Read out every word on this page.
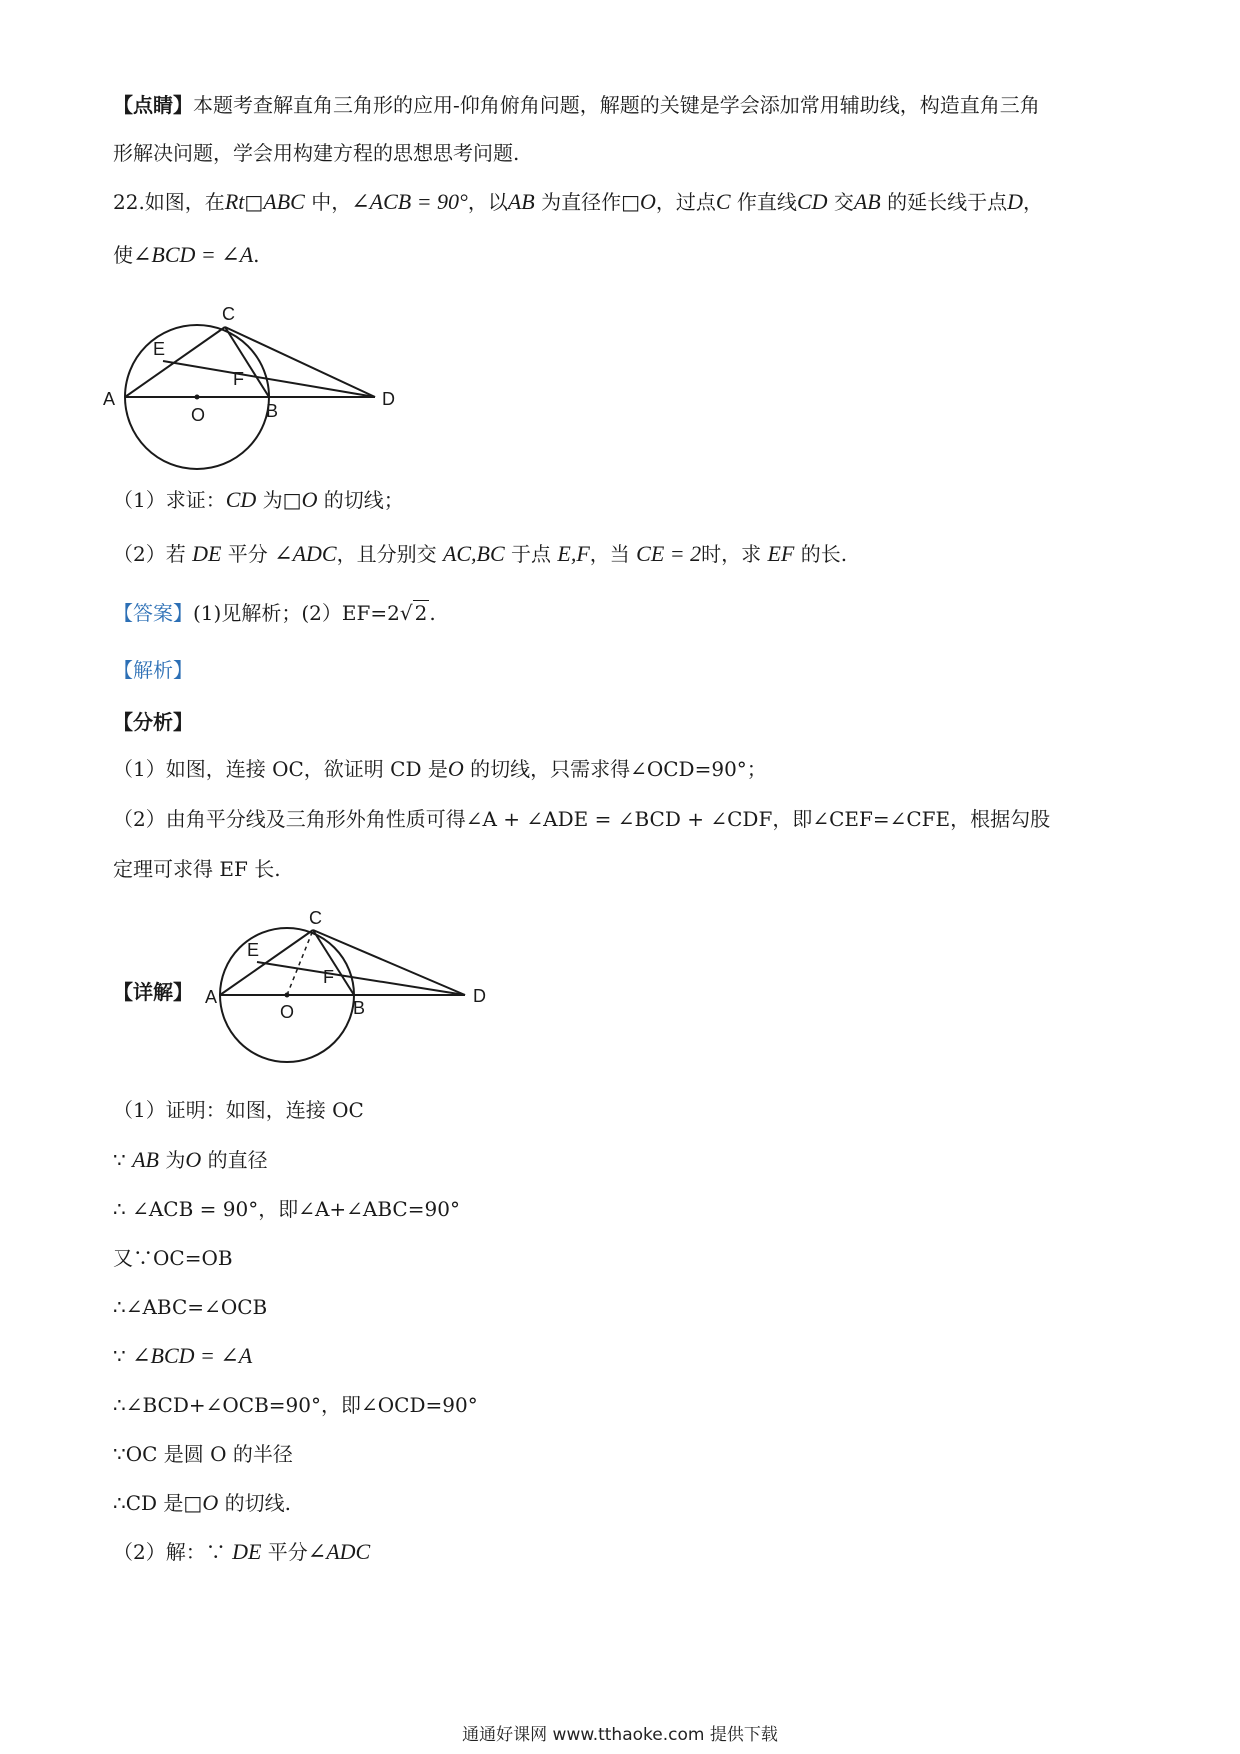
【点睛】本题考查解直角三角形的应用-仰角俯角问题，解题的关键是学会添加常用辅助线，构造直角三角
形解决问题，学会用构建方程的思想思考问题.
22.如图，在Rt□ABC 中，∠ACB = 90°，以AB 为直径作□O，过点C 作直线CD 交AB 的延长线于点D，
使∠BCD = ∠A.
A
O	B
C
D
E
F
（1）求证：CD 为□O 的切线；
（2）若 DE 平分 ∠ADC，且分别交 AC,BC 于点 E,F，当 CE = 2时，求 EF 的长.
【答案】(1)见解析；(2）EF=2√ 2 .
【解析】
【分析】
（1）如图，连接 OC，欲证明 CD 是O 的切线，只需求得∠OCD=90°；
（2）由角平分线及三角形外角性质可得∠A + ∠ADE = ∠BCD + ∠CDF，即∠CEF=∠CFE，根据勾股
定理可求得 EF 长.
【详解】 A
O	B
C
D
E
F
（1）证明：如图，连接 OC
∵ AB 为O 的直径
∴ ∠ACB = 90°，即∠A+∠ABC=90°
又∵OC=OB
∴∠ABC=∠OCB
∵ ∠BCD = ∠A
∴∠BCD+∠OCB=90°，即∠OCD=90°
∵OC 是圆 O 的半径
∴CD 是□O 的切线.
（2）解：∵ DE 平分∠ADC
通通好课网 www.tthaoke.com 提供下载
